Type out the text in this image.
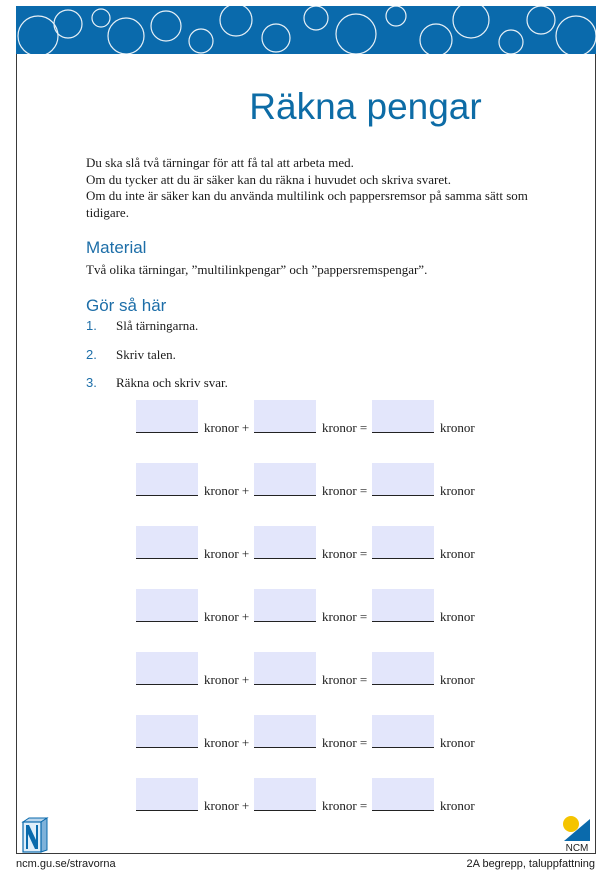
Räkna pengar
Du ska slå två tärningar för att få tal att arbeta med.
Om du tycker att du är säker kan du räkna i huvudet och skriva svaret.
Om du inte är säker kan du använda multilink och pappersremsor på samma sätt som
tidigare.
Material
Två olika tärningar, ”multilinkpengar” och ”pappersremspengar”.
Gör så här
1. Slå tärningarna.
2. Skriv talen.
3. Räkna och skriv svar.
kronor +	kronor =	kronor
kronor +	kronor =	kronor
kronor +	kronor =	kronor
kronor +	kronor =	kronor
kronor +	kronor =	kronor
kronor +	kronor =	kronor
kronor +	kronor =	kronor
NCM
ncm.gu.se/stravorna	2A begrepp, taluppfattning
